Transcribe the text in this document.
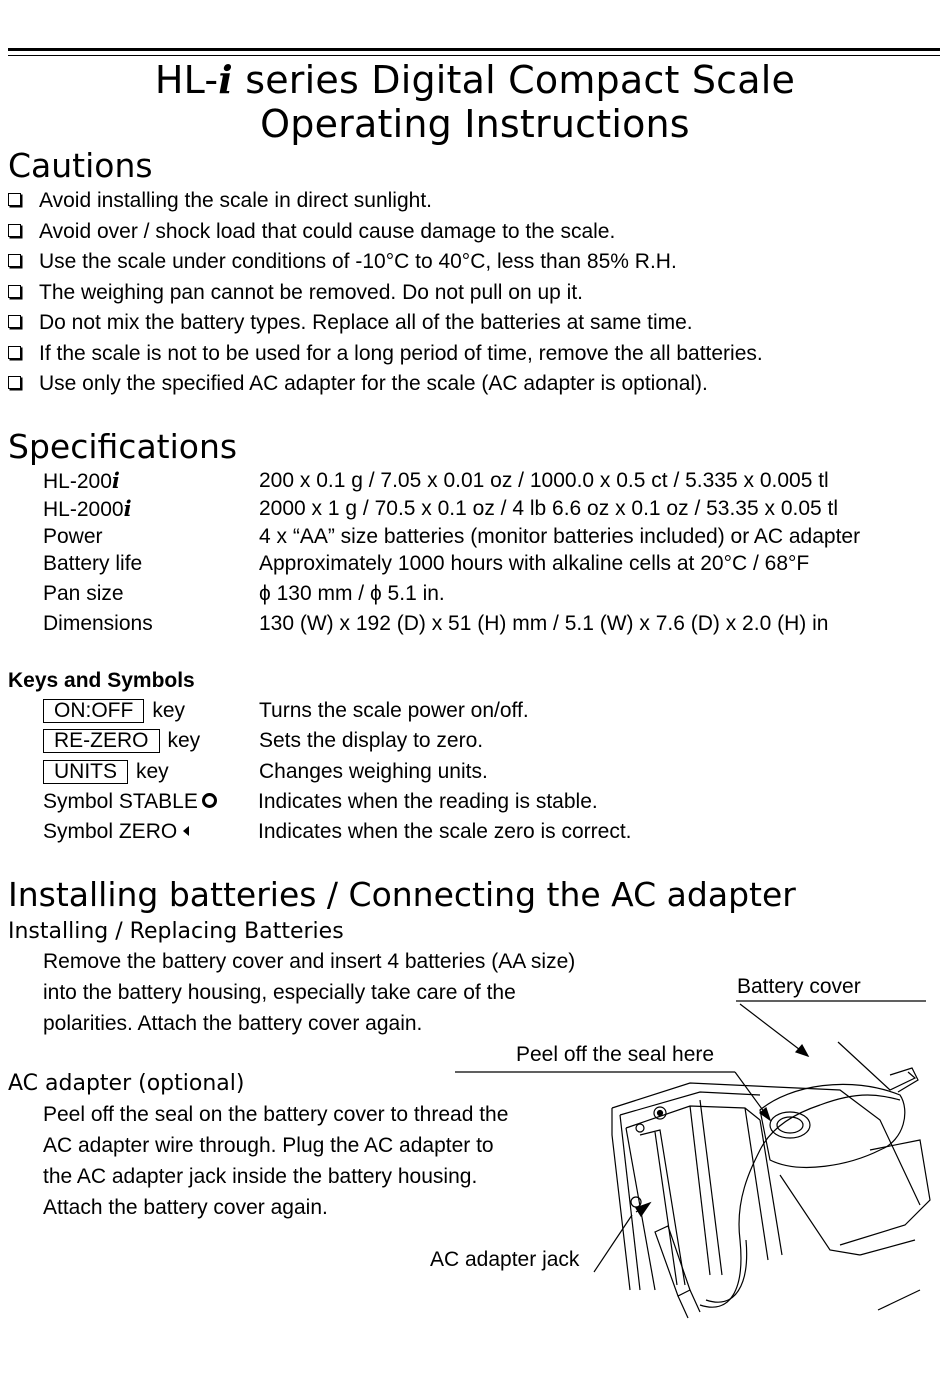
HL-i series Digital Compact Scale
Operating Instructions
Cautions
Avoid installing the scale in direct sunlight.
Avoid over / shock load that could cause damage to the scale.
Use the scale under conditions of -10°C to 40°C, less than 85% R.H.
The weighing pan cannot be removed. Do not pull on up it.
Do not mix the battery types. Replace all of the batteries at same time.
If the scale is not to be used for a long period of time, remove the all batteries.
Use only the specified AC adapter for the scale (AC adapter is optional).
Specifications
HL-200i	200 x 0.1 g / 7.05 x 0.01 oz / 1000.0 x 0.5 ct / 5.335 x 0.005 tl
HL-2000i	2000 x 1 g / 70.5 x 0.1 oz / 4 lb 6.6 oz x 0.1 oz / 53.35 x 0.05 tl
Power	4 x “AA” size batteries (monitor batteries included) or AC adapter
Battery life	Approximately 1000 hours with alkaline cells at 20°C / 68°F
Pan size	ϕ 130 mm / ϕ 5.1 in.
Dimensions	130 (W) x 192 (D) x 51 (H) mm / 5.1 (W) x 7.6 (D) x 2.0 (H) in
Keys and Symbols
ON:OFF key	Turns the scale power on/off.
RE-ZERO key	Sets the display to zero.
UNITS key	Changes weighing units.
Symbol STABLE	Indicates when the reading is stable.
Symbol ZERO	Indicates when the scale zero is correct.
Installing batteries / Connecting the AC adapter
Installing / Replacing Batteries
Remove the battery cover and insert 4 batteries (AA size)
into the battery housing, especially take care of the
polarities. Attach the battery cover again.
AC adapter (optional)
Peel off the seal on the battery cover to thread the
AC adapter wire through. Plug the AC adapter to
the AC adapter jack inside the battery housing.
Attach the battery cover again.
Battery cover
Peel off the seal here
AC adapter jack
